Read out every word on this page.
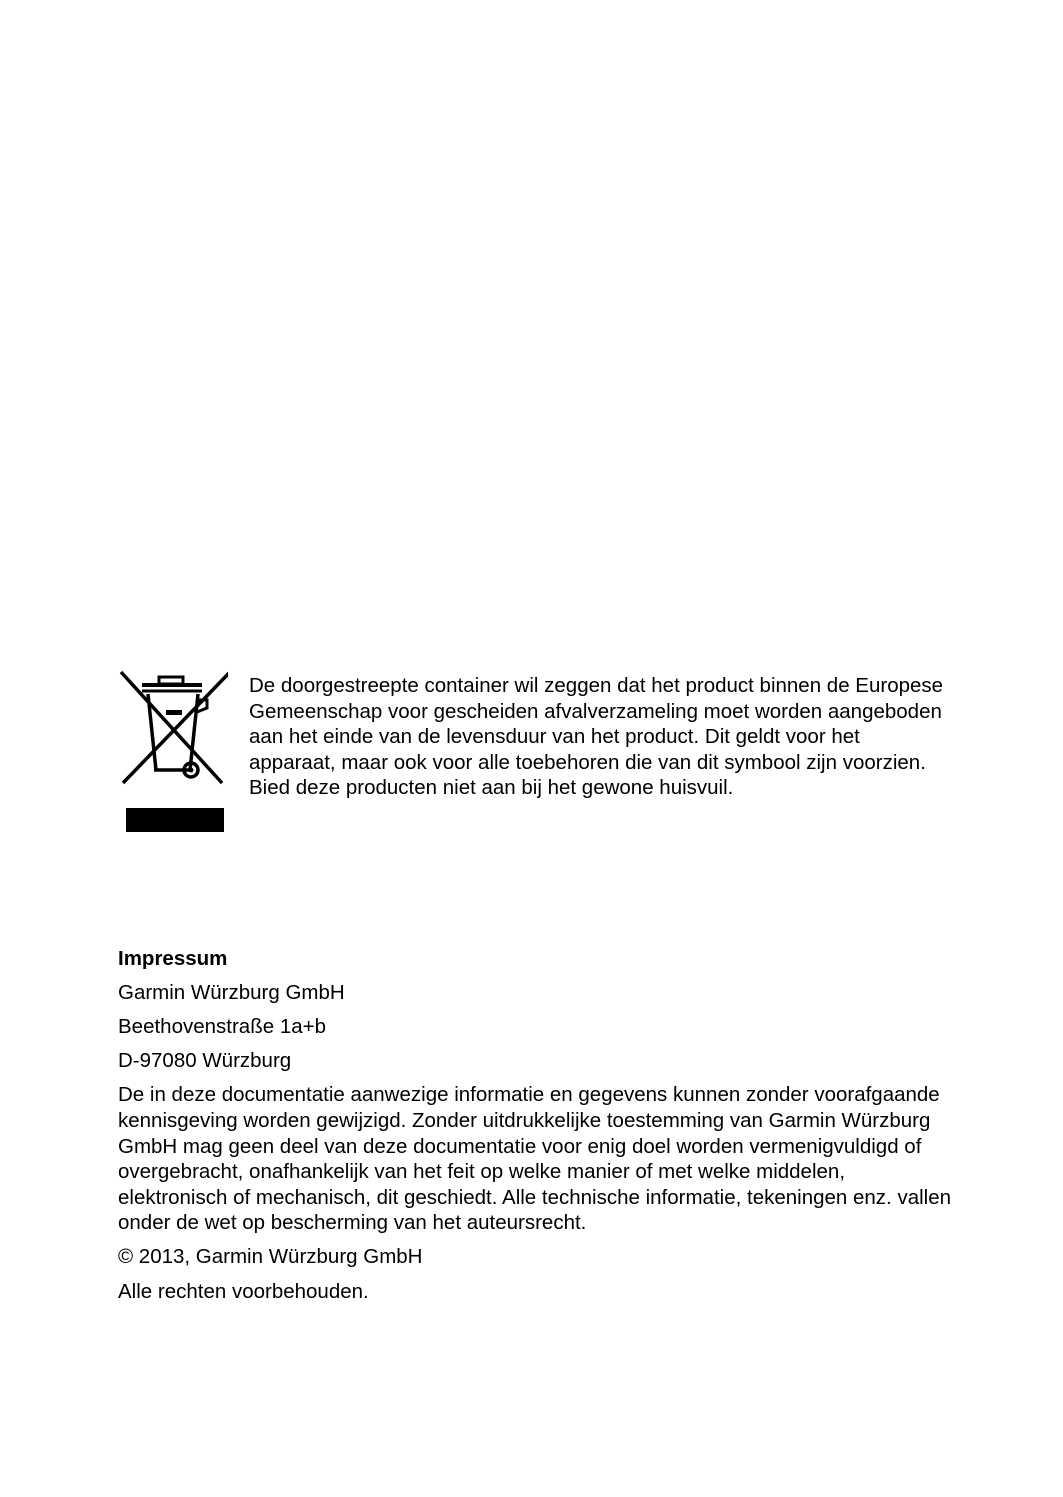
De doorgestreepte container wil zeggen dat het product binnen de Europese Gemeenschap voor gescheiden afvalverzameling moet worden aangeboden aan het einde van de levensduur van het product. Dit geldt voor het apparaat, maar ook voor alle toebehoren die van dit symbool zijn voorzien. Bied deze producten niet aan bij het gewone huisvuil.

Impressum

Garmin Würzburg GmbH

Beethovenstraße 1a+b

D-97080 Würzburg

De in deze documentatie aanwezige informatie en gegevens kunnen zonder voorafgaande kennisgeving worden gewijzigd. Zonder uitdrukkelijke toestemming van Garmin Würzburg GmbH mag geen deel van deze documentatie voor enig doel worden vermenigvuldigd of overgebracht, onafhankelijk van het feit op welke manier of met welke middelen, elektronisch of mechanisch, dit geschiedt. Alle technische informatie, tekeningen enz. vallen onder de wet op bescherming van het auteursrecht.

© 2013, Garmin Würzburg GmbH

Alle rechten voorbehouden.
